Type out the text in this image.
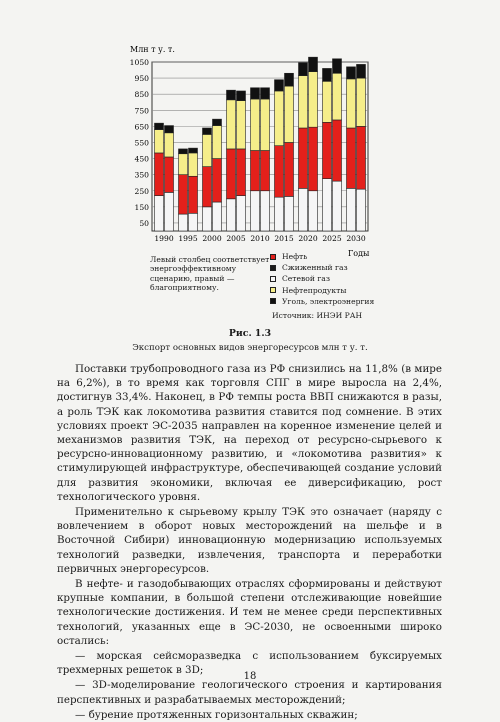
Млн т у. т.
50
150
250
350
450
550
650
750
850
950
1050
1990 1995 2000 2005 2010 2015 2020 2025 2030
Годы
Левый столбец соответствует энергоэффективному сценарию, правый — благоприятному.
Нефть
Сжиженный газ
Сетевой газ
Нефтепродукты
Уголь, электроэнергия
Источник: ИНЭИ РАН
Рис. 1.3
Экспорт основных видов энергоресурсов млн т у. т.

Поставки трубопроводного газа из РФ снизились на 11,8% (в мире на 6,2%), в то время как торговля СПГ в мире выросла на 2,4%, достигнув 33,4%. Наконец, в РФ темпы роста ВВП снижаются в разы, а роль ТЭК как локомотива развития ставится под сомнение. В этих условиях проект ЭС-2035 направлен на коренное изменение целей и механизмов развития ТЭК, на переход от ресурсно-сырьевого к ресурсно-инновационному развитию, и «локомотива развития» к стимулирующей инфраструктуре, обеспечивающей создание условий для развития экономики, включая ее диверсификацию, рост технологического уровня.

Применительно к сырьевому крылу ТЭК это означает (наряду с вовлечением в оборот новых месторождений на шельфе и в Восточной Сибири) инновационную модернизацию используемых технологий разведки, извлечения, транспорта и переработки первичных энергоресурсов.

В нефте- и газодобывающих отраслях сформированы и действуют крупные компании, в большой степени отслеживающие новейшие технологические достижения. И тем не менее среди перспективных технологий, указанных еще в ЭС-2030, не освоенными широко остались:

— морская сейсморазведка с использованием буксируемых трехмерных решеток в 3D;

— 3D-моделирование геологического строения и картирования перспективных и разрабатываемых месторождений;

— бурение протяженных горизонтальных скважин;

18
